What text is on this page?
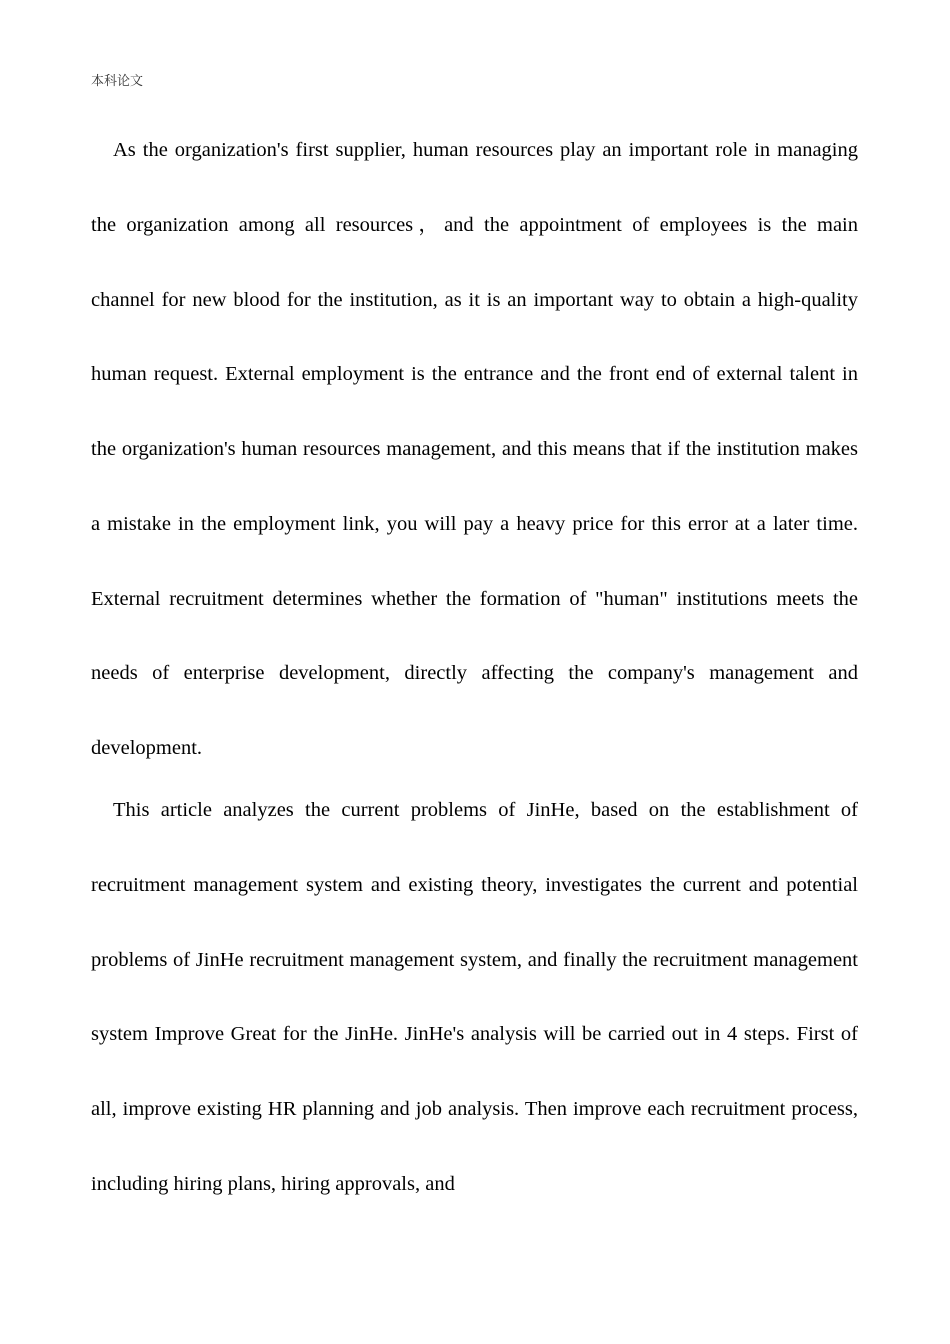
本科论文

As the organization's first supplier, human resources play an important role in managing the organization among all resources，and the appointment of employees is the main channel for new blood for the institution, as it is an important way to obtain a high-quality human request. External employment is the entrance and the front end of external talent in the organization's human resources management, and this means that if the institution makes a mistake in the employment link, you will pay a heavy price for this error at a later time. External recruitment determines whether the formation of "human" institutions meets the needs of enterprise development, directly affecting the company's management and development.

This article analyzes the current problems of JinHe, based on the establishment of recruitment management system and existing theory, investigates the current and potential problems of JinHe recruitment management system, and finally the recruitment management system Improve Great for the JinHe. JinHe's analysis will be carried out in 4 steps. First of all, improve existing HR planning and job analysis. Then improve each recruitment process, including hiring plans, hiring approvals, and
